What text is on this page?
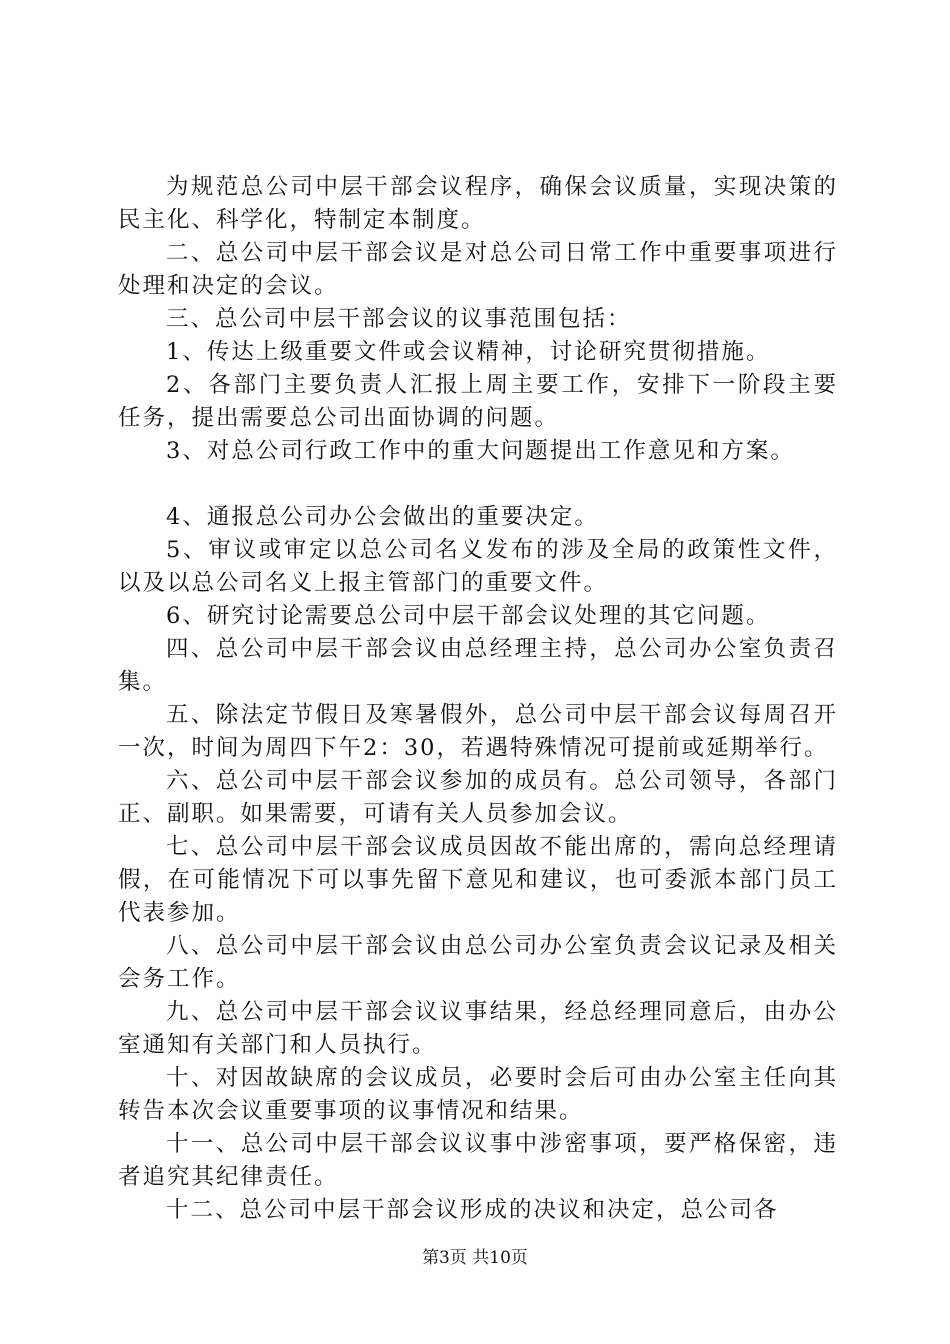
为规范总公司中层干部会议程序，确保会议质量，实现决策的民主化、科学化，特制定本制度。

二、总公司中层干部会议是对总公司日常工作中重要事项进行处理和决定的会议。

三、总公司中层干部会议的议事范围包括：

1、传达上级重要文件或会议精神，讨论研究贯彻措施。

2、各部门主要负责人汇报上周主要工作，安排下一阶段主要任务，提出需要总公司出面协调的问题。

3、对总公司行政工作中的重大问题提出工作意见和方案。

4、通报总公司办公会做出的重要决定。

5、审议或审定以总公司名义发布的涉及全局的政策性文件，以及以总公司名义上报主管部门的重要文件。

6、研究讨论需要总公司中层干部会议处理的其它问题。

四、总公司中层干部会议由总经理主持，总公司办公室负责召集。

五、除法定节假日及寒暑假外，总公司中层干部会议每周召开一次，时间为周四下午2：30，若遇特殊情况可提前或延期举行。

六、总公司中层干部会议参加的成员有。总公司领导，各部门正、副职。如果需要，可请有关人员参加会议。

七、总公司中层干部会议成员因故不能出席的，需向总经理请假，在可能情况下可以事先留下意见和建议，也可委派本部门员工代表参加。

八、总公司中层干部会议由总公司办公室负责会议记录及相关会务工作。

九、总公司中层干部会议议事结果，经总经理同意后，由办公室通知有关部门和人员执行。

十、对因故缺席的会议成员，必要时会后可由办公室主任向其转告本次会议重要事项的议事情况和结果。

十一、总公司中层干部会议议事中涉密事项，要严格保密，违者追究其纪律责任。

十二、总公司中层干部会议形成的决议和决定，总公司各

第3页 共10页
